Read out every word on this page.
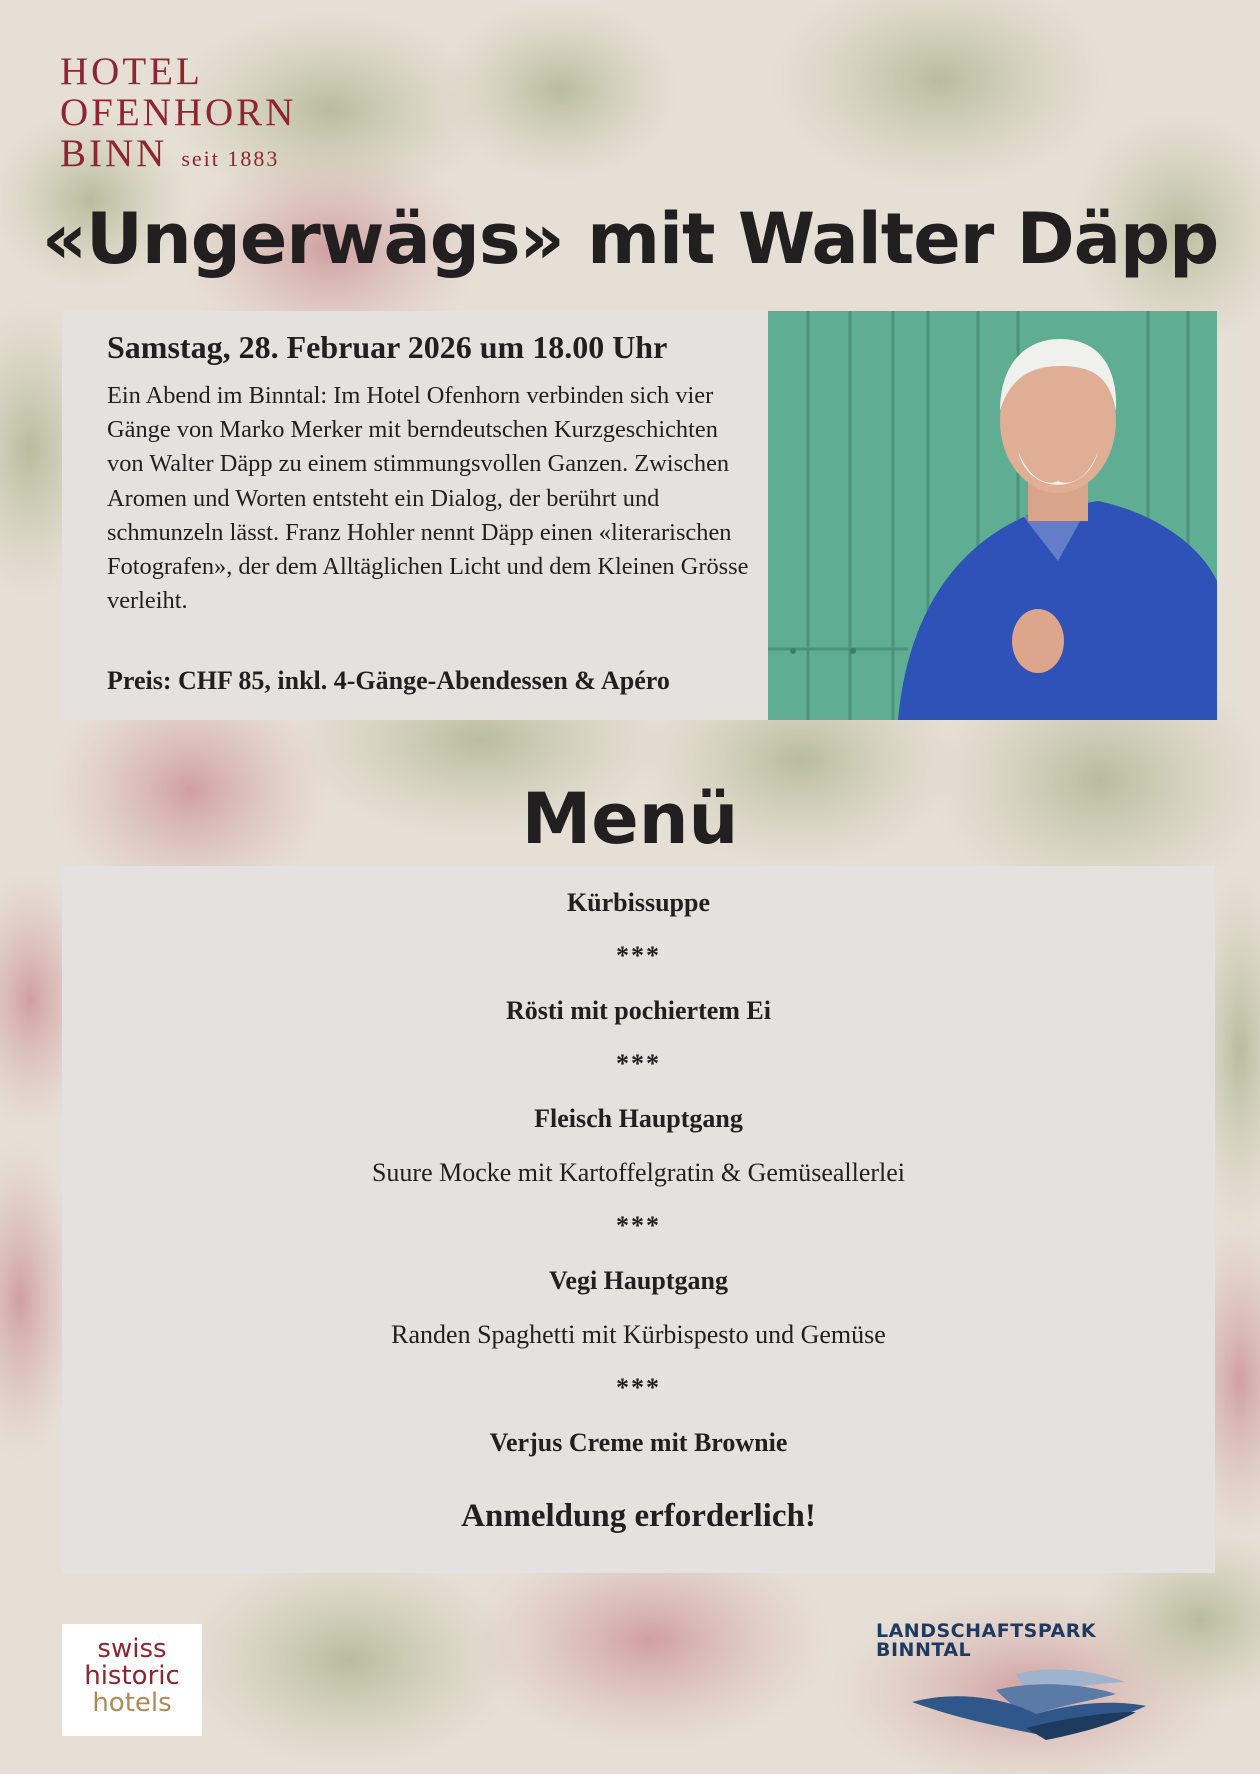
HOTEL
OFENHORN
BINN seit 1883
«Ungerwägs» mit Walter Däpp
Samstag, 28. Februar 2026 um 18.00 Uhr
Ein Abend im Binntal: Im Hotel Ofenhorn verbinden sich vier Gänge von Marko Merker mit berndeutschen Kurzgeschichten von Walter Däpp zu einem stimmungsvollen Ganzen. Zwischen Aromen und Worten entsteht ein Dialog, der berührt und schmunzeln lässt. Franz Hohler nennt Däpp einen «literarischen Fotografen», der dem Alltäglichen Licht und dem Kleinen Grösse verleiht.
Preis: CHF 85, inkl. 4-Gänge-Abendessen & Apéro
Menü
Kürbissuppe
***
Rösti mit pochiertem Ei
***
Fleisch Hauptgang
Suure Mocke mit Kartoffelgratin & Gemüseallerlei
***
Vegi Hauptgang
Randen Spaghetti mit Kürbispesto und Gemüse
***
Verjus Creme mit Brownie
Anmeldung erforderlich!
swiss
historic
hotels
LANDSCHAFTSPARK
BINNTAL
